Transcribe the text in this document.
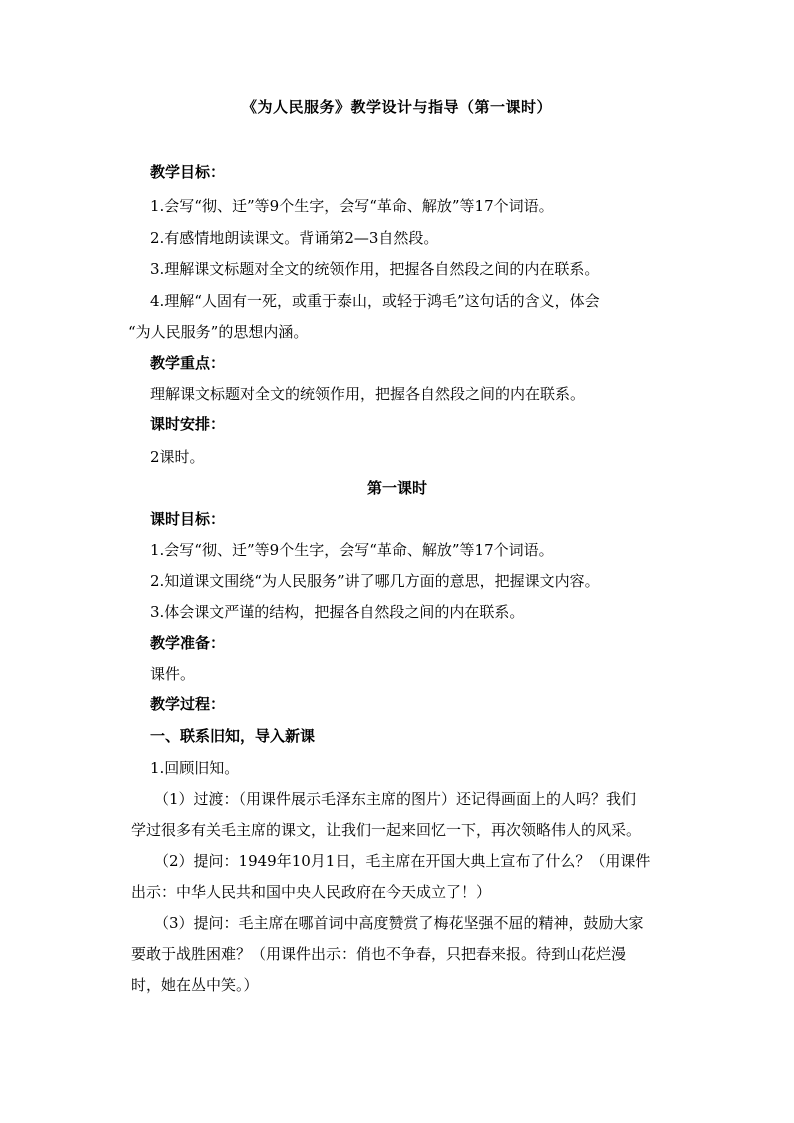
《为人民服务》教学设计与指导（第一课时）
教学目标：
1.会写“彻、迁”等9个生字，会写“革命、解放”等17个词语。
2.有感情地朗读课文。背诵第2—3自然段。
3.理解课文标题对全文的统领作用，把握各自然段之间的内在联系。
4.理解“人固有一死，或重于泰山，或轻于鸿毛”这句话的含义，体会
“为人民服务”的思想内涵。
教学重点：
理解课文标题对全文的统领作用，把握各自然段之间的内在联系。
课时安排：
2课时。
第一课时
课时目标：
1.会写“彻、迁”等9个生字，会写“革命、解放”等17个词语。
2.知道课文围绕“为人民服务”讲了哪几方面的意思，把握课文内容。
3.体会课文严谨的结构，把握各自然段之间的内在联系。
教学准备：
课件。
教学过程：
一、联系旧知，导入新课
1.回顾旧知。
（1）过渡：（用课件展示毛泽东主席的图片）还记得画面上的人吗？我们
学过很多有关毛主席的课文，让我们一起来回忆一下，再次领略伟人的风采。
（2）提问：1949年10月1日，毛主席在开国大典上宣布了什么？（用课件
出示：中华人民共和国中央人民政府在今天成立了！）
（3）提问：毛主席在哪首词中高度赞赏了梅花坚强不屈的精神，鼓励大家
要敢于战胜困难？（用课件出示：俏也不争春，只把春来报。待到山花烂漫
时，她在丛中笑。）
